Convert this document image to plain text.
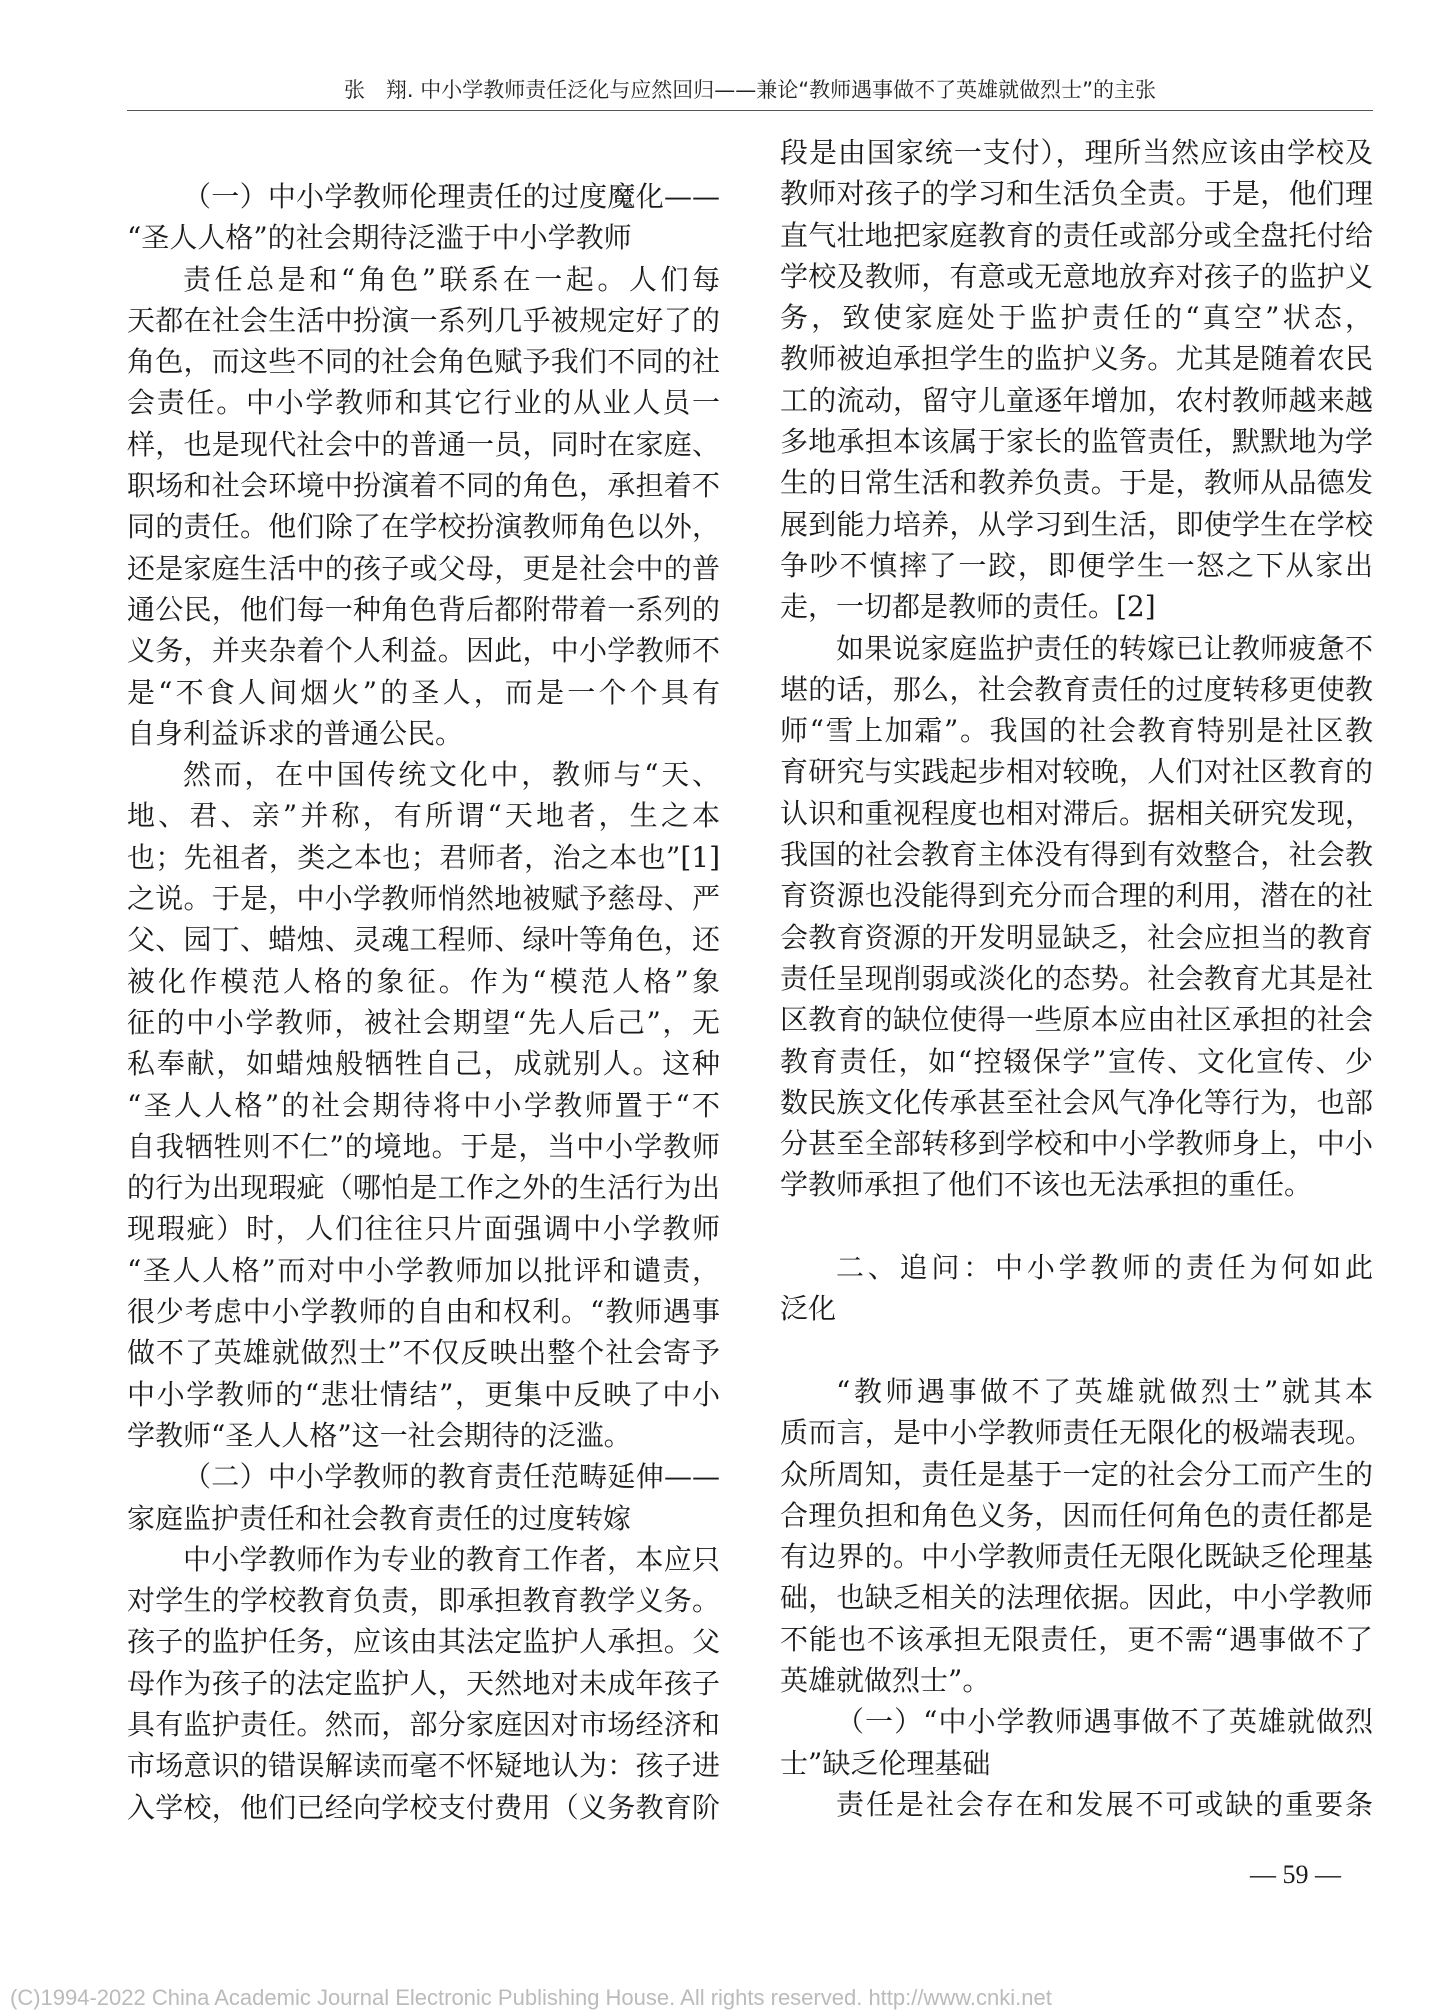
张　翔. 中小学教师责任泛化与应然回归——兼论“教师遇事做不了英雄就做烈士”的主张
（一）中小学教师伦理责任的过度魔化——
“圣人人格”的社会期待泛滥于中小学教师
责任总是和“角色”联系在一起。人们每
天都在社会生活中扮演一系列几乎被规定好了的
角色，而这些不同的社会角色赋予我们不同的社
会责任。中小学教师和其它行业的从业人员一
样，也是现代社会中的普通一员，同时在家庭、
职场和社会环境中扮演着不同的角色，承担着不
同的责任。他们除了在学校扮演教师角色以外，
还是家庭生活中的孩子或父母，更是社会中的普
通公民，他们每一种角色背后都附带着一系列的
义务，并夹杂着个人利益。因此，中小学教师不
是“不食人间烟火”的圣人，而是一个个具有
自身利益诉求的普通公民。
然而，在中国传统文化中，教师与“天、
地、君、亲”并称，有所谓“天地者，生之本
也；先祖者，类之本也；君师者，治之本也”[1]
之说。于是，中小学教师悄然地被赋予慈母、严
父、园丁、蜡烛、灵魂工程师、绿叶等角色，还
被化作模范人格的象征。作为“模范人格”象
征的中小学教师，被社会期望“先人后己”，无
私奉献，如蜡烛般牺牲自己，成就别人。这种
“圣人人格”的社会期待将中小学教师置于“不
自我牺牲则不仁”的境地。于是，当中小学教师
的行为出现瑕疵（哪怕是工作之外的生活行为出
现瑕疵）时，人们往往只片面强调中小学教师
“圣人人格”而对中小学教师加以批评和谴责，
很少考虑中小学教师的自由和权利。“教师遇事
做不了英雄就做烈士”不仅反映出整个社会寄予
中小学教师的“悲壮情结”，更集中反映了中小
学教师“圣人人格”这一社会期待的泛滥。
（二）中小学教师的教育责任范畴延伸——
家庭监护责任和社会教育责任的过度转嫁
中小学教师作为专业的教育工作者，本应只
对学生的学校教育负责，即承担教育教学义务。
孩子的监护任务，应该由其法定监护人承担。父
母作为孩子的法定监护人，天然地对未成年孩子
具有监护责任。然而，部分家庭因对市场经济和
市场意识的错误解读而毫不怀疑地认为：孩子进
入学校，他们已经向学校支付费用（义务教育阶
段是由国家统一支付），理所当然应该由学校及
教师对孩子的学习和生活负全责。于是，他们理
直气壮地把家庭教育的责任或部分或全盘托付给
学校及教师，有意或无意地放弃对孩子的监护义
务，致使家庭处于监护责任的“真空”状态，
教师被迫承担学生的监护义务。尤其是随着农民
工的流动，留守儿童逐年增加，农村教师越来越
多地承担本该属于家长的监管责任，默默地为学
生的日常生活和教养负责。于是，教师从品德发
展到能力培养，从学习到生活，即使学生在学校
争吵不慎摔了一跤，即便学生一怒之下从家出
走，一切都是教师的责任。[2]
如果说家庭监护责任的转嫁已让教师疲惫不
堪的话，那么，社会教育责任的过度转移更使教
师“雪上加霜”。我国的社会教育特别是社区教
育研究与实践起步相对较晚，人们对社区教育的
认识和重视程度也相对滞后。据相关研究发现，
我国的社会教育主体没有得到有效整合，社会教
育资源也没能得到充分而合理的利用，潜在的社
会教育资源的开发明显缺乏，社会应担当的教育
责任呈现削弱或淡化的态势。社会教育尤其是社
区教育的缺位使得一些原本应由社区承担的社会
教育责任，如“控辍保学”宣传、文化宣传、少
数民族文化传承甚至社会风气净化等行为，也部
分甚至全部转移到学校和中小学教师身上，中小
学教师承担了他们不该也无法承担的重任。
二、追问：中小学教师的责任为何如此
泛化
“教师遇事做不了英雄就做烈士”就其本
质而言，是中小学教师责任无限化的极端表现。
众所周知，责任是基于一定的社会分工而产生的
合理负担和角色义务，因而任何角色的责任都是
有边界的。中小学教师责任无限化既缺乏伦理基
础，也缺乏相关的法理依据。因此，中小学教师
不能也不该承担无限责任，更不需“遇事做不了
英雄就做烈士”。
（一）“中小学教师遇事做不了英雄就做烈
士”缺乏伦理基础
责任是社会存在和发展不可或缺的重要条
— 59 —
(C)1994-2022 China Academic Journal Electronic Publishing House. All rights reserved. http://www.cnki.net
